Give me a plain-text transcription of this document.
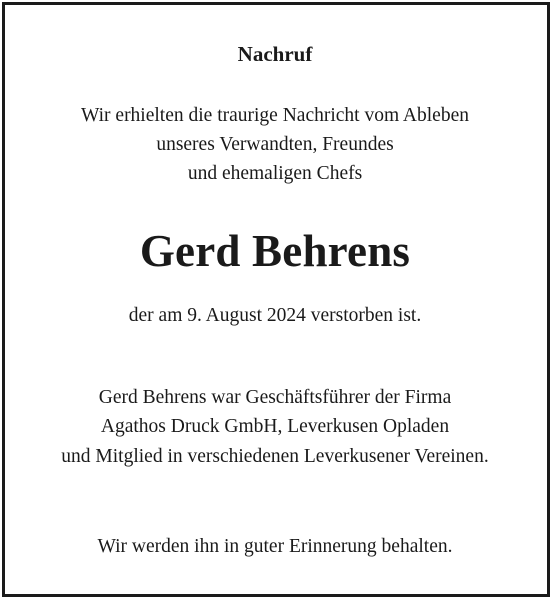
Nachruf
Wir erhielten die traurige Nachricht vom Ableben
unseres Verwandten, Freundes
und ehemaligen Chefs
Gerd Behrens
der am 9. August 2024 verstorben ist.
Gerd Behrens war Geschäftsführer der Firma
Agathos Druck GmbH, Leverkusen Opladen
und Mitglied in verschiedenen Leverkusener Vereinen.
Wir werden ihn in guter Erinnerung behalten.
